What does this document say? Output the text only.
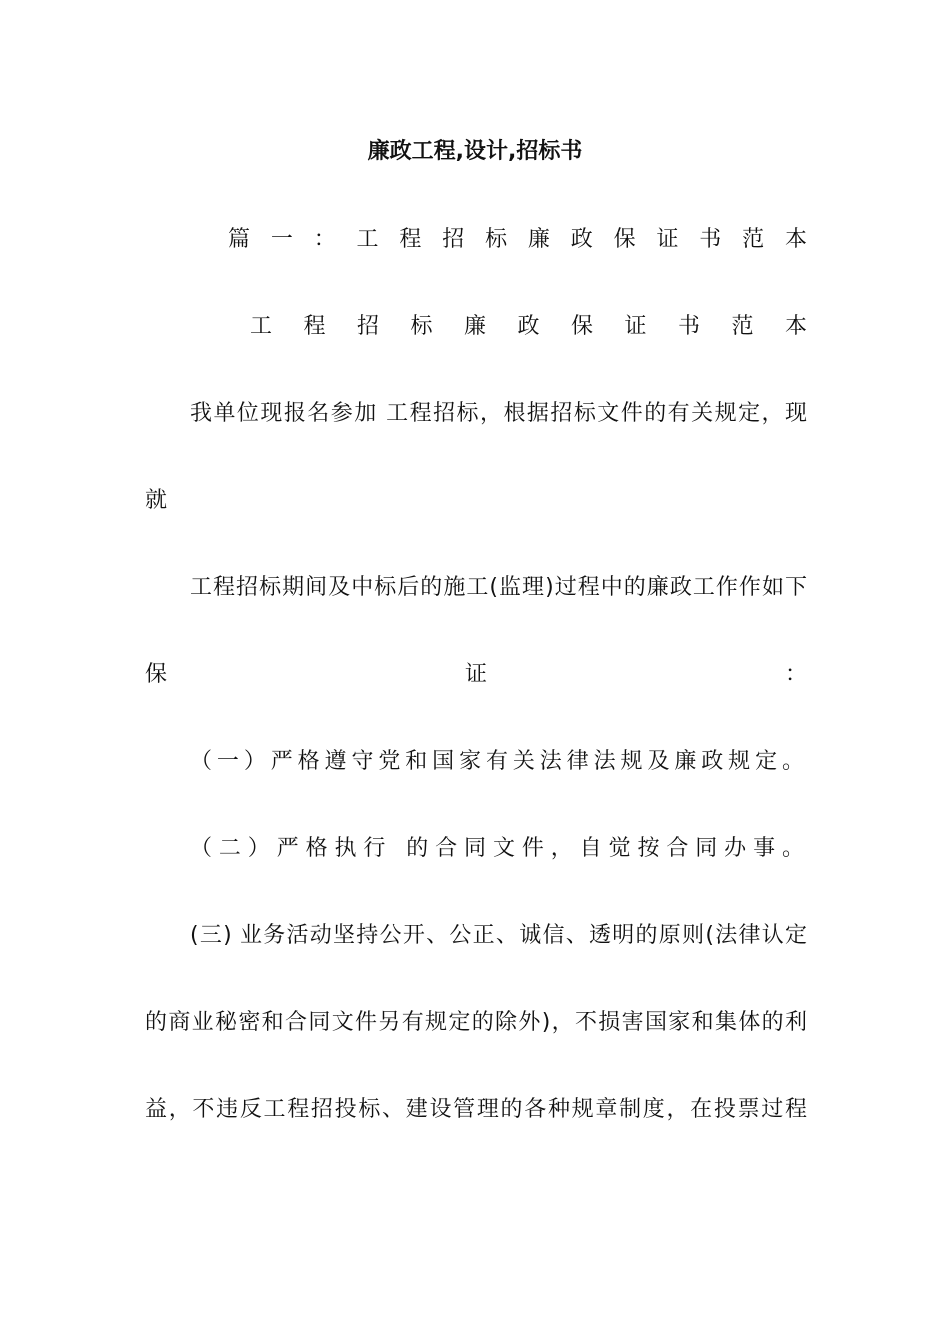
廉政工程,设计,招标书
篇 一 ： 工 程 招 标 廉 政 保 证 书 范 本
工 程 招 标 廉 政 保 证 书 范 本
我单位现报名参加 工程招标，根据招标文件的有关规定，现
就
工程招标期间及中标后的施工(监理)过程中的廉政工作作如下
保 证 ：
（一）严格遵守党和国家有关法律法规及廉政规定。
（二）严格执行 的合同文件，自觉按合同办事。
(三) 业务活动坚持公开、公正、诚信、透明的原则(法律认定
的商业秘密和合同文件另有规定的除外)，不损害国家和集体的利
益，不违反工程招投标、建设管理的各种规章制度，在投票过程
